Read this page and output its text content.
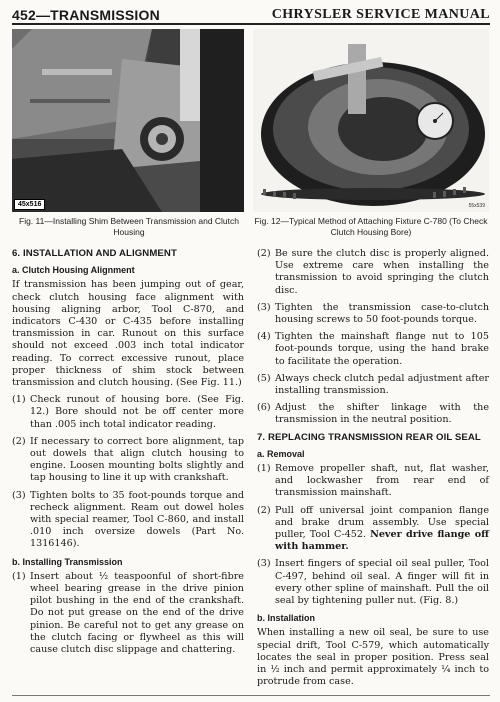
452—TRANSMISSION	CHRYSLER SERVICE MANUAL
45x516	55x539
Fig. 11—Installing Shim Between Transmission and Clutch Housing
Fig. 12—Typical Method of Attaching Fixture C-780 (To Check Clutch Housing Bore)
6. INSTALLATION AND ALIGNMENT
a. Clutch Housing Alignment

If transmission has been jumping out of gear, check clutch housing face alignment with housing aligning arbor, Tool C-870, and indicators C-430 or C-435 before installing transmission in car. Runout on this surface should not exceed .003 inch total indicator reading. To correct excessive runout, place proper thickness of shim stock between transmission and clutch housing. (See Fig. 11.)

(1) Check runout of housing bore. (See Fig. 12.) Bore should not be off center more than .005 inch total indicator reading.
(2) If necessary to correct bore alignment, tap out dowels that align clutch housing to engine. Loosen mounting bolts slightly and tap housing to line it up with crankshaft.
(3) Tighten bolts to 35 foot-pounds torque and recheck alignment. Ream out dowel holes with special reamer, Tool C-860, and install .010 inch oversize dowels (Part No. 1316146).
b. Installing Transmission
(1) Insert about ½ teaspoonful of short-fibre wheel bearing grease in the drive pinion pilot bushing in the end of the crankshaft. Do not put grease on the end of the drive pinion. Be careful not to get any grease on the clutch facing or flywheel as this will cause clutch disc slippage and chattering.
(2) Be sure the clutch disc is properly aligned. Use extreme care when installing the transmission to avoid springing the clutch disc.
(3) Tighten the transmission case-to-clutch housing screws to 50 foot-pounds torque.
(4) Tighten the mainshaft flange nut to 105 foot-pounds torque, using the hand brake to facilitate the operation.
(5) Always check clutch pedal adjustment after installing transmission.
(6) Adjust the shifter linkage with the transmission in the neutral position.
7. REPLACING TRANSMISSION REAR OIL SEAL
a. Removal
(1) Remove propeller shaft, nut, flat washer, and lockwasher from rear end of transmission mainshaft.
(2) Pull off universal joint companion flange and brake drum assembly. Use special puller, Tool C-452. Never drive flange off with hammer.
(3) Insert fingers of special oil seal puller, Tool C-497, behind oil seal. A finger will fit in every other spline of mainshaft. Pull the oil seal by tightening puller nut. (Fig. 8.)
b. Installation

When installing a new oil seal, be sure to use special drift, Tool C-579, which automatically locates the seal in proper position. Press seal in ½ inch and permit approximately ¼ inch to protrude from case.
